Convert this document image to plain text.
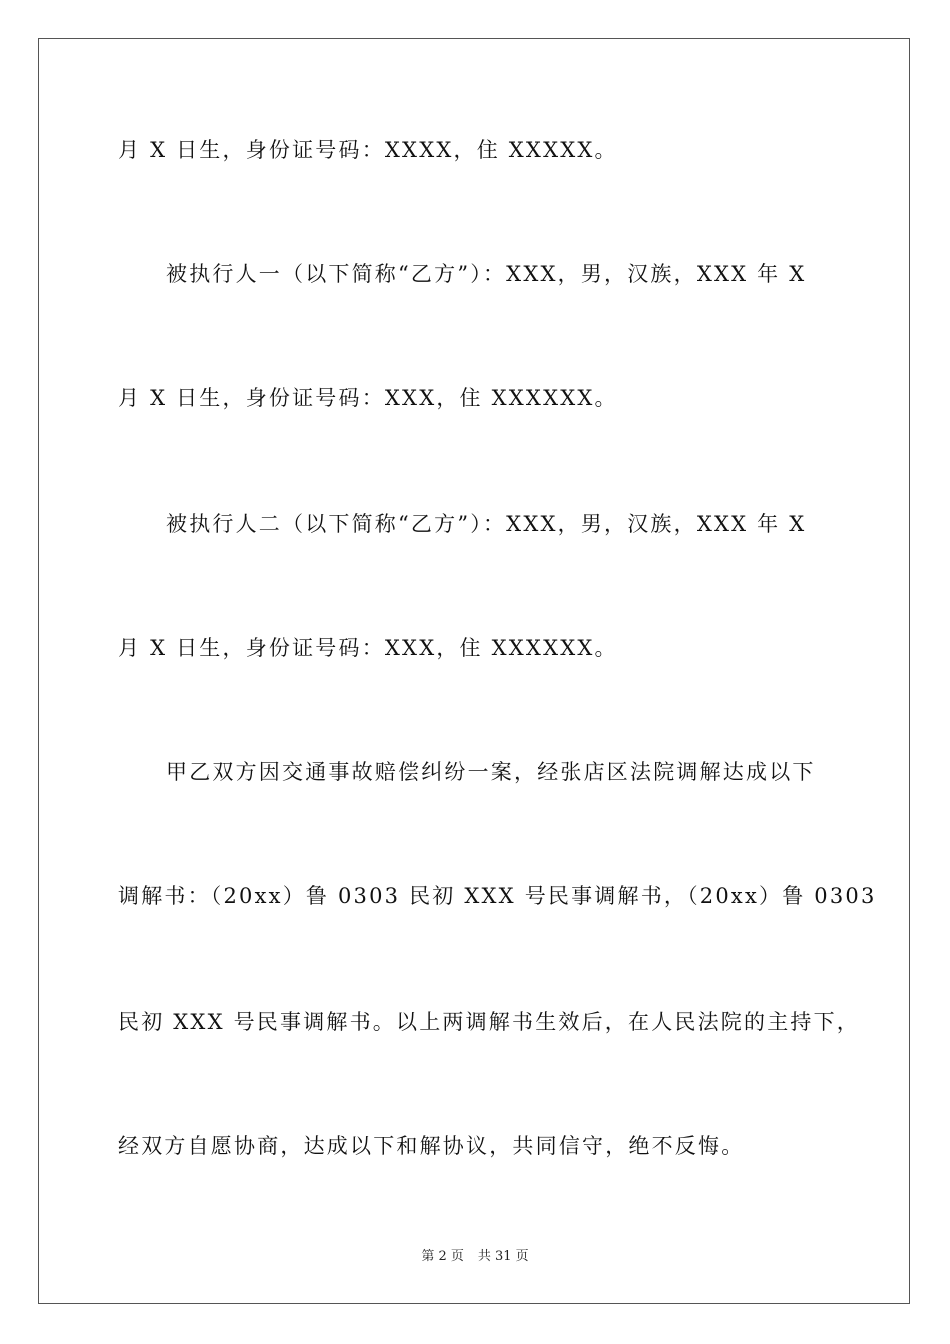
月 X 日生，身份证号码：XXXX，住 XXXXX。

被执行人一（以下简称“乙方”）：XXX，男，汉族，XXX 年 X

月 X 日生，身份证号码：XXX，住 XXXXXX。

被执行人二（以下简称“乙方”）：XXX，男，汉族，XXX 年 X

月 X 日生，身份证号码：XXX，住 XXXXXX。

甲乙双方因交通事故赔偿纠纷一案，经张店区法院调解达成以下

调解书：（20xx）鲁 0303 民初 XXX 号民事调解书，（20xx）鲁 0303

民初 XXX 号民事调解书。以上两调解书生效后，在人民法院的主持下，

经双方自愿协商，达成以下和解协议，共同信守，绝不反悔。

第 2 页 共 31 页
